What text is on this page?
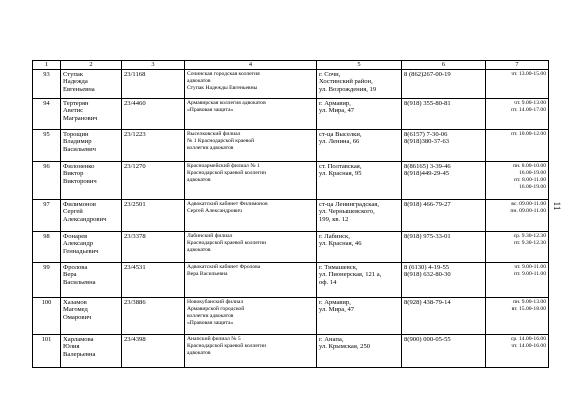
1	2	3	4	5	6	7
93	Ступак
Надежда
Евгеньевна	23/1168	Сочинская городская коллегия
адвокатов
Ступак Надежды Евгеньевны	г. Сочи,
Хостинский район,
ул. Возрождения, 19	8 (862)267-00-19	чт. 13.00-15.00

94	Тертерян
Аветис
Магранович	23/4460	Армавирская коллегия адвокатов
«Правовая защита»	г. Армавир,
ул. Мира, 47	8(918) 355-80-81	чт. 9.00-13.00
пт. 14.00-17.00

95	Торощин
Владимир
Васильевич	23/1223	Выселковский филиал
№ 1 Краснодарской краевой
коллегии адвокатов	ст-ца Выселки,
ул. Ленина, 66	8(6157) 7-30-06
8(918)380-37-63	пт. 10.00-12.00

96	Филоненко
Виктор
Викторович	23/1270	Красноармейский филиал № 1
Краснодарской краевой коллегии
адвокатов	ст. Полтавская,
ул. Красная, 95	8(86165) 3-39-46
8(918)449-29-45	пн. 8.00-10.00
16.00-19.00
пт. 8.00-11.00
16.00-19.00

97	Филимонов
Сергей
Александрович	23/2501	Адвокатский кабинет Филимонов
Сергей Александрович	ст-ца Ленинградская,
ул. Чернышевского,
199, кв. 12	8(918) 466-79-27	вс. 09.00-11.00
пн. 09.00-11.00

98	Фонарев
Александр
Геннадьевич	23/3378	Лабинский филиал
Краснодарской краевой коллегии
адвокатов	г. Лабинск,
ул. Красная, 46	8(918) 975-33-01	ср. 9.30-12.30
пт. 9.30-12.30

99	Фролова
Вера
Васильевна	23/4531	Адвокатский кабинет Фролова
Вера Васильевна	г. Тимашевск,
ул. Пионерская, 121 а,
оф. 14	8 (6130) 4-19-55
8(918) 632-80-30	чт. 9.00-11.00
пт. 9.00-11.00

100	Хазамов
Магомед
Омарович	23/3886	Новокубанский филиал
Армавирской городской
коллегии адвокатов
«Правовая защита»	г. Армавир,
ул. Мира, 47	8(928) 438-79-14	пн. 9.00-13.00
вт. 15.00-18.00

101	Харламова
Юлия
Валерьевна	23/4398	Анапский филиал № 5
Краснодарской краевой коллегии
адвокатов	г. Анапа,
ул. Крымская, 250	8(900) 000-05-55	ср. 14.00-16.00
чт. 14.00-16.00
11
